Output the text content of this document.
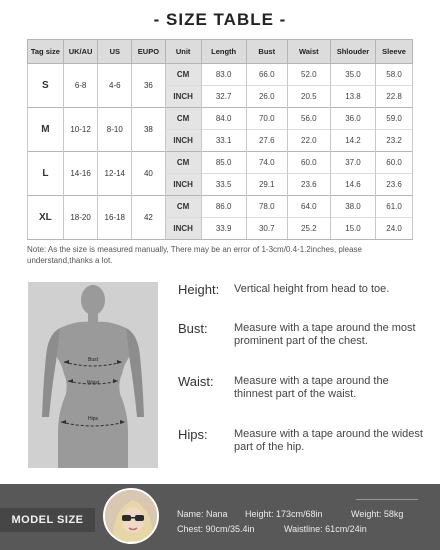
- SIZE TABLE -
Tag size	UK/AU	US	EUPO	Unit	Length	Bust	Waist	Shlouder	Sleeve
S	6-8	4-6	36	CM	83.0	66.0	52.0	35.0	58.0
				INCH	32.7	26.0	20.5	13.8	22.8
M	10-12	8-10	38	CM	84.0	70.0	56.0	36.0	59.0
				INCH	33.1	27.6	22.0	14.2	23.2
L	14-16	12-14	40	CM	85.0	74.0	60.0	37.0	60.0
				INCH	33.5	29.1	23.6	14.6	23.6
XL	18-20	16-18	42	CM	86.0	78.0	64.0	38.0	61.0
				INCH	33.9	30.7	25.2	15.0	24.0
Note: As the size is measured manually, There may be an error of 1-3cm/0.4-1.2inches, please understand,thanks a lot.
Bust
Waist
Hips
Height: Vertical height from head to toe.
Bust: Measure with a tape around the most prominent part of the chest.
Waist: Measure with a tape around the thinnest part of the waist.
Hips: Measure with a tape around the widest part of the hip.
MODEL SIZE	Name: Nana Height: 173cm/68in	Weight: 58kg
Chest: 90cm/35.4in	Waistline: 61cm/24in
